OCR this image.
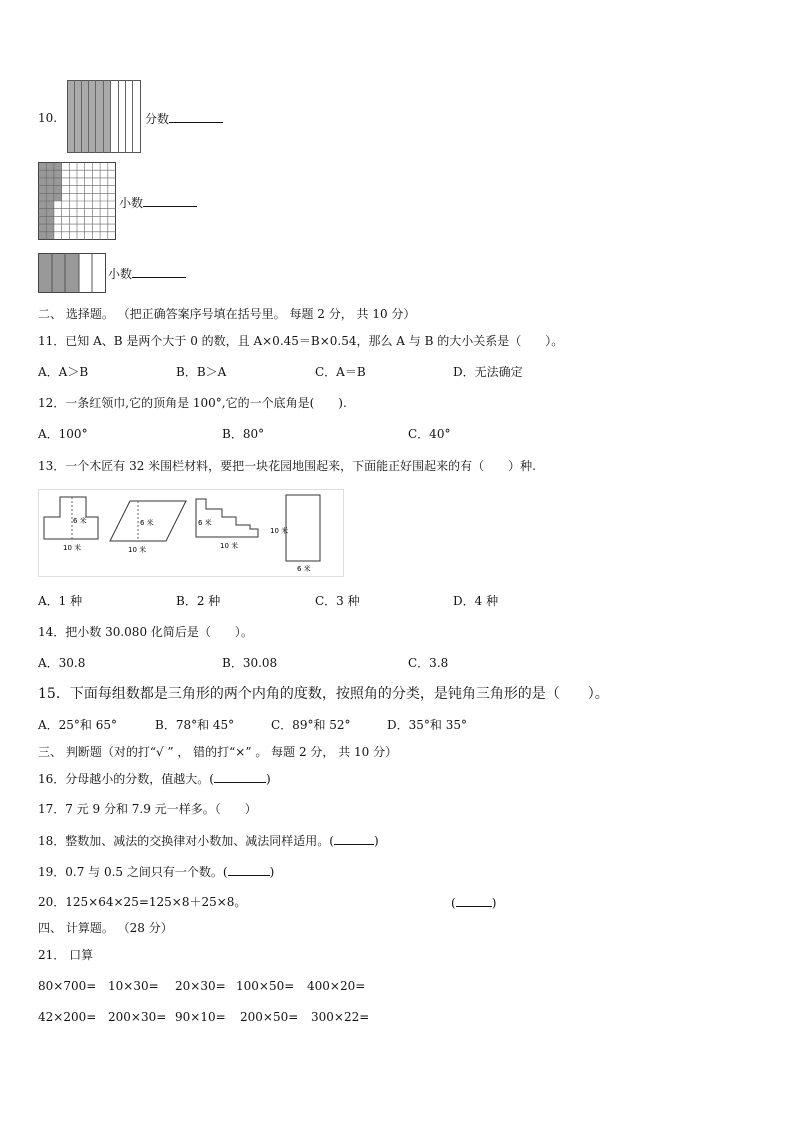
10.	分数
小数
小数
二、 选择题。 （把正确答案序号填在括号里。 每题 2 分， 共 10 分）
11．已知 A、B 是两个大于 0 的数，且 A×0.45＝B×0.54，那么 A 与 B 的大小关系是（　　）。
A．A＞B	B．B＞A	C．A＝B	D．无法确定
12．一条红领巾,它的顶角是 100°,它的一个底角是(　　).
A．100°	B．80°	C．40°
13．一个木匠有 32 米围栏材料，要把一块花园地围起来，下面能正好围起来的有（　　）种.
6 米
10 米
6 米
10 米
6 米
10 米
10 米
6 米
A．1 种	B．2 种	C．3 种	D．4 种
14．把小数 30.080 化简后是（　　）。
A．30.8	B．30.08	C．3.8
15．下面每组数都是三角形的两个内角的度数，按照角的分类，是钝角三角形的是（　　）。
A．25°和 65°	B．78°和 45°	C．89°和 52°	D．35°和 35°
三、 判断题（对的打“√ ” ， 错的打“×” 。 每题 2 分， 共 10 分）
16．分母越小的分数，值越大。(	)
17．7 元 9 分和 7.9 元一样多。（　　）
18．整数加、减法的交换律对小数加、减法同样适用。(	)
19．0.7 与 0.5 之间只有一个数。(	)
20．125×64×25=125×8＋25×8。	(	)
四、 计算题。 （28 分）
21． 口算
80×700= 10×30= 20×30= 100×50= 400×20=
42×200= 200×30= 90×10= 200×50= 300×22=
